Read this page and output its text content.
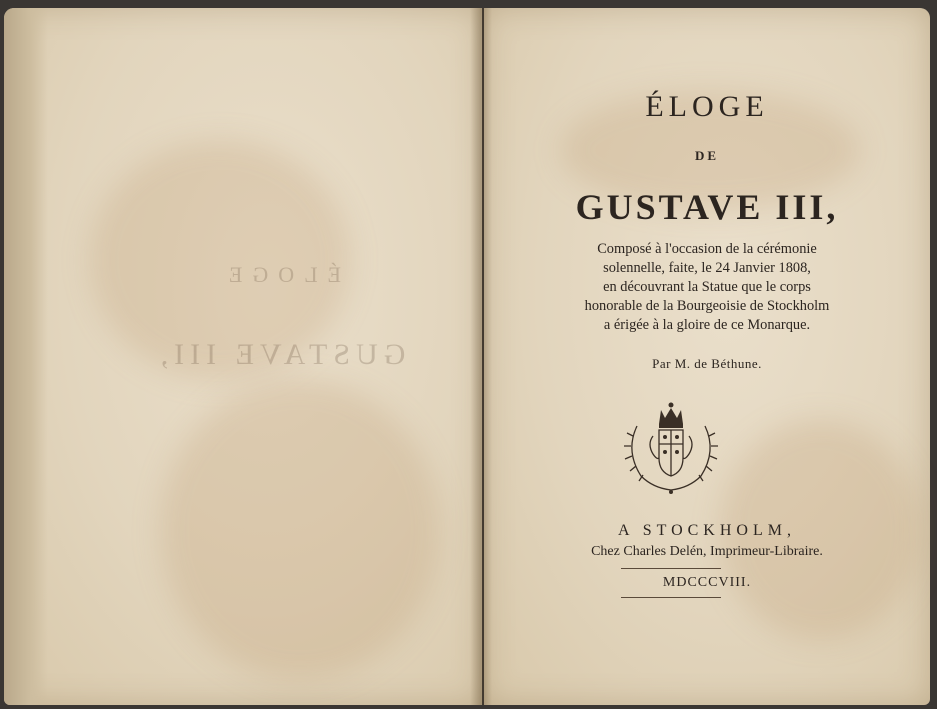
ÉLOGE
GUSTAVE III,
ÉLOGE
DE
GUSTAVE III,
Composé à l'occasion de la cérémonie
solennelle, faite, le 24 Janvier 1808,
en découvrant la Statue que le corps
honorable de la Bourgeoisie de Stockholm
a érigée à la gloire de ce Monarque.
Par M. de Béthune.
A STOCKHOLM,
Chez Charles Delén, Imprimeur-Libraire.
MDCCCVIII.
